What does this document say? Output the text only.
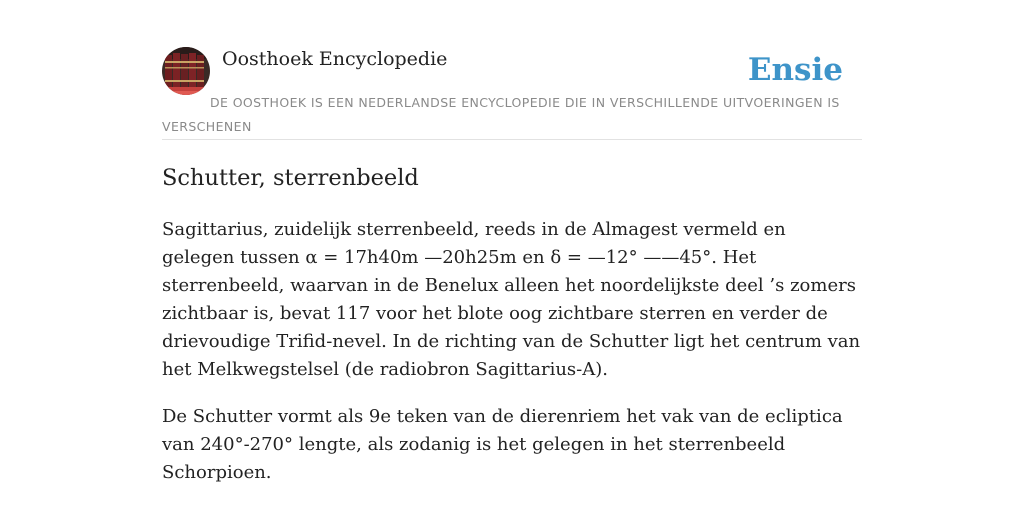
Oosthoek Encyclopedie	Ensie
DE OOSTHOEK IS EEN NEDERLANDSE ENCYCLOPEDIE DIE IN VERSCHILLENDE UITVOERINGEN IS VERSCHENEN
Schutter, sterrenbeeld

Sagittarius, zuidelijk sterrenbeeld, reeds in de Almagest vermeld en gelegen tussen α = 17h40m —20h25m en δ = —12° ——45°. Het sterrenbeeld, waarvan in de Benelux alleen het noordelijkste deel ’s zomers zichtbaar is, bevat 117 voor het blote oog zichtbare sterren en verder de drievoudige Trifid-nevel. In de richting van de Schutter ligt het centrum van het Melkwegstelsel (de radiobron Sagittarius-A).

De Schutter vormt als 9e teken van de dierenriem het vak van de ecliptica van 240°-270° lengte, als zodanig is het gelegen in het sterrenbeeld Schorpioen.
